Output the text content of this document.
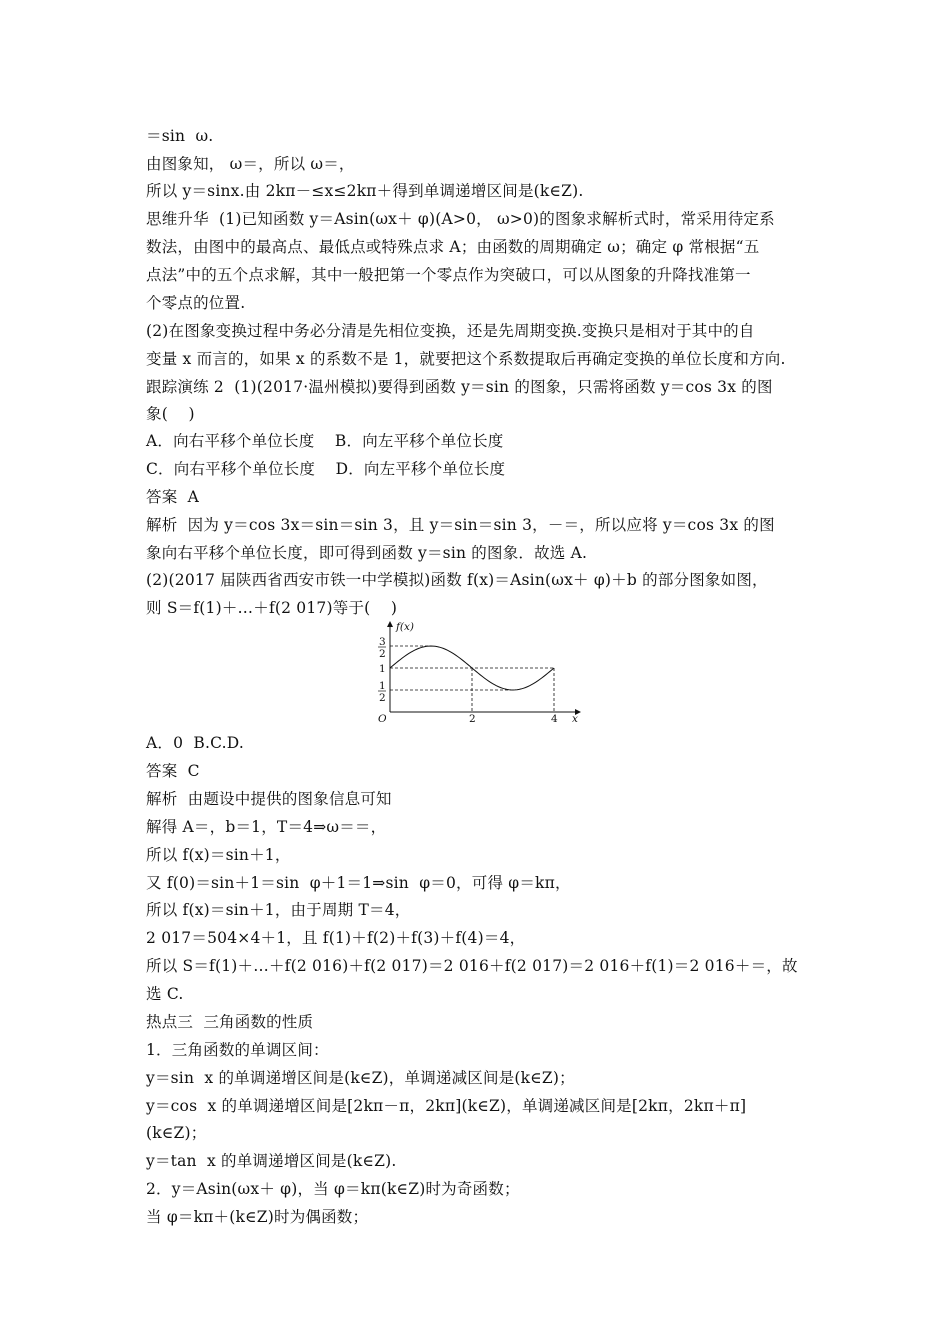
＝sin  ω.
由图象知， ω＝，所以 ω＝，
所以 y＝sinx.由 2kπ－≤x≤2kπ＋得到单调递增区间是(k∈Z).
思维升华  (1)已知函数 y＝Asin(ωx＋ φ)(A>0， ω>0)的图象求解析式时，常采用待定系
数法，由图中的最高点、最低点或特殊点求 A；由函数的周期确定 ω；确定 φ 常根据“五
点法”中的五个点求解，其中一般把第一个零点作为突破口，可以从图象的升降找准第一
个零点的位置.
(2)在图象变换过程中务必分清是先相位变换，还是先周期变换.变换只是相对于其中的自
变量 x 而言的，如果 x 的系数不是 1，就要把这个系数提取后再确定变换的单位长度和方向.
跟踪演练 2  (1)(2017·温州模拟)要得到函数 y＝sin 的图象，只需将函数 y＝cos 3x 的图
象(    )
A．向右平移个单位长度    B．向左平移个单位长度
C．向右平移个单位长度    D．向左平移个单位长度
答案  A
解析  因为 y＝cos 3x＝sin＝sin 3，且 y＝sin＝sin 3，－＝，所以应将 y＝cos 3x 的图
象向右平移个单位长度，即可得到函数 y＝sin 的图象．故选 A.
(2)(2017 届陕西省西安市铁一中学模拟)函数 f(x)＝Asin(ωx＋ φ)＋b 的部分图象如图，
则 S＝f(1)＋…＋f(2 017)等于(    )
f(x)
x
O
3
2
1
1
2
2	4
A．0  B.C.D.
答案  C
解析  由题设中提供的图象信息可知
解得 A＝，b＝1，T＝4⇒ω＝＝，
所以 f(x)＝sin＋1，
又 f(0)＝sin＋1＝sin  φ＋1＝1⇒sin  φ＝0，可得 φ＝kπ，
所以 f(x)＝sin＋1，由于周期 T＝4，
2 017＝504×4＋1，且 f(1)＋f(2)＋f(3)＋f(4)＝4，
所以 S＝f(1)＋…＋f(2 016)＋f(2 017)＝2 016＋f(2 017)＝2 016＋f(1)＝2 016＋＝，故
选 C.
热点三  三角函数的性质
1．三角函数的单调区间：
y＝sin  x 的单调递增区间是(k∈Z)，单调递减区间是(k∈Z)；
y＝cos  x 的单调递增区间是[2kπ－π，2kπ](k∈Z)，单调递减区间是[2kπ，2kπ＋π]
(k∈Z)；
y＝tan  x 的单调递增区间是(k∈Z).
2．y＝Asin(ωx＋ φ)，当 φ＝kπ(k∈Z)时为奇函数；
当 φ＝kπ＋(k∈Z)时为偶函数；
